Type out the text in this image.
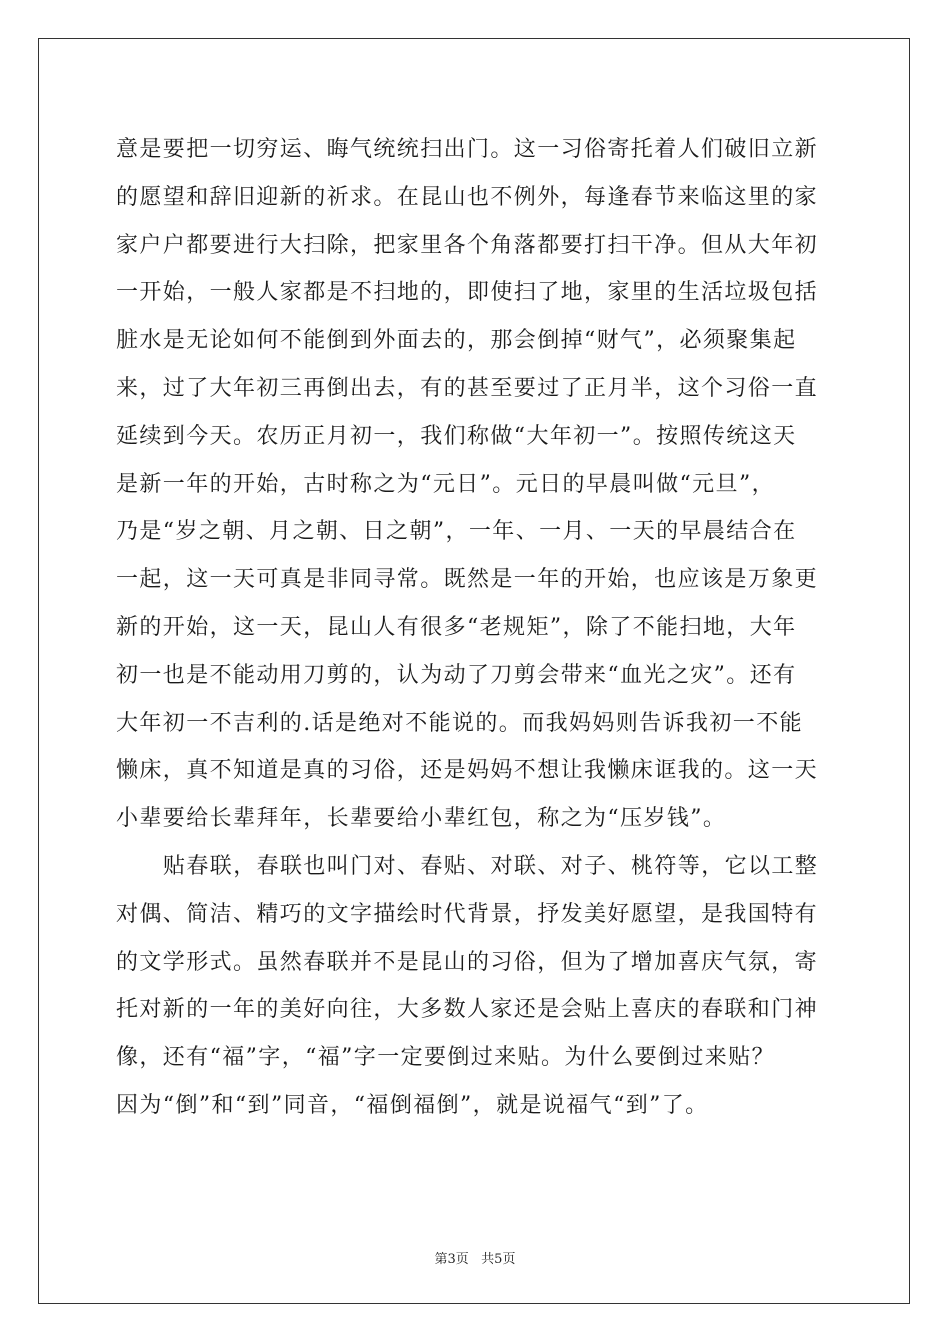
意是要把一切穷运、晦气统统扫出门。这一习俗寄托着人们破旧立新
的愿望和辞旧迎新的祈求。在昆山也不例外，每逢春节来临这里的家
家户户都要进行大扫除，把家里各个角落都要打扫干净。但从大年初
一开始，一般人家都是不扫地的，即使扫了地，家里的生活垃圾包括
脏水是无论如何不能倒到外面去的，那会倒掉“财气”，必须聚集起
来，过了大年初三再倒出去，有的甚至要过了正月半，这个习俗一直
延续到今天。农历正月初一，我们称做“大年初一”。按照传统这天
是新一年的开始，古时称之为“元日”。元日的早晨叫做“元旦”，
乃是“岁之朝、月之朝、日之朝”，一年、一月、一天的早晨结合在
一起，这一天可真是非同寻常。既然是一年的开始，也应该是万象更
新的开始，这一天，昆山人有很多“老规矩”，除了不能扫地，大年
初一也是不能动用刀剪的，认为动了刀剪会带来“血光之灾”。还有
大年初一不吉利的.话是绝对不能说的。而我妈妈则告诉我初一不能
懒床，真不知道是真的习俗，还是妈妈不想让我懒床诓我的。这一天
小辈要给长辈拜年，长辈要给小辈红包，称之为“压岁钱”。
贴春联，春联也叫门对、春贴、对联、对子、桃符等，它以工整
对偶、简洁、精巧的文字描绘时代背景，抒发美好愿望，是我国特有
的文学形式。虽然春联并不是昆山的习俗，但为了增加喜庆气氛，寄
托对新的一年的美好向往，大多数人家还是会贴上喜庆的春联和门神
像，还有“福”字，“福”字一定要倒过来贴。为什么要倒过来贴？
因为“倒”和“到”同音，“福倒福倒”，就是说福气“到”了。
第3页   共5页
